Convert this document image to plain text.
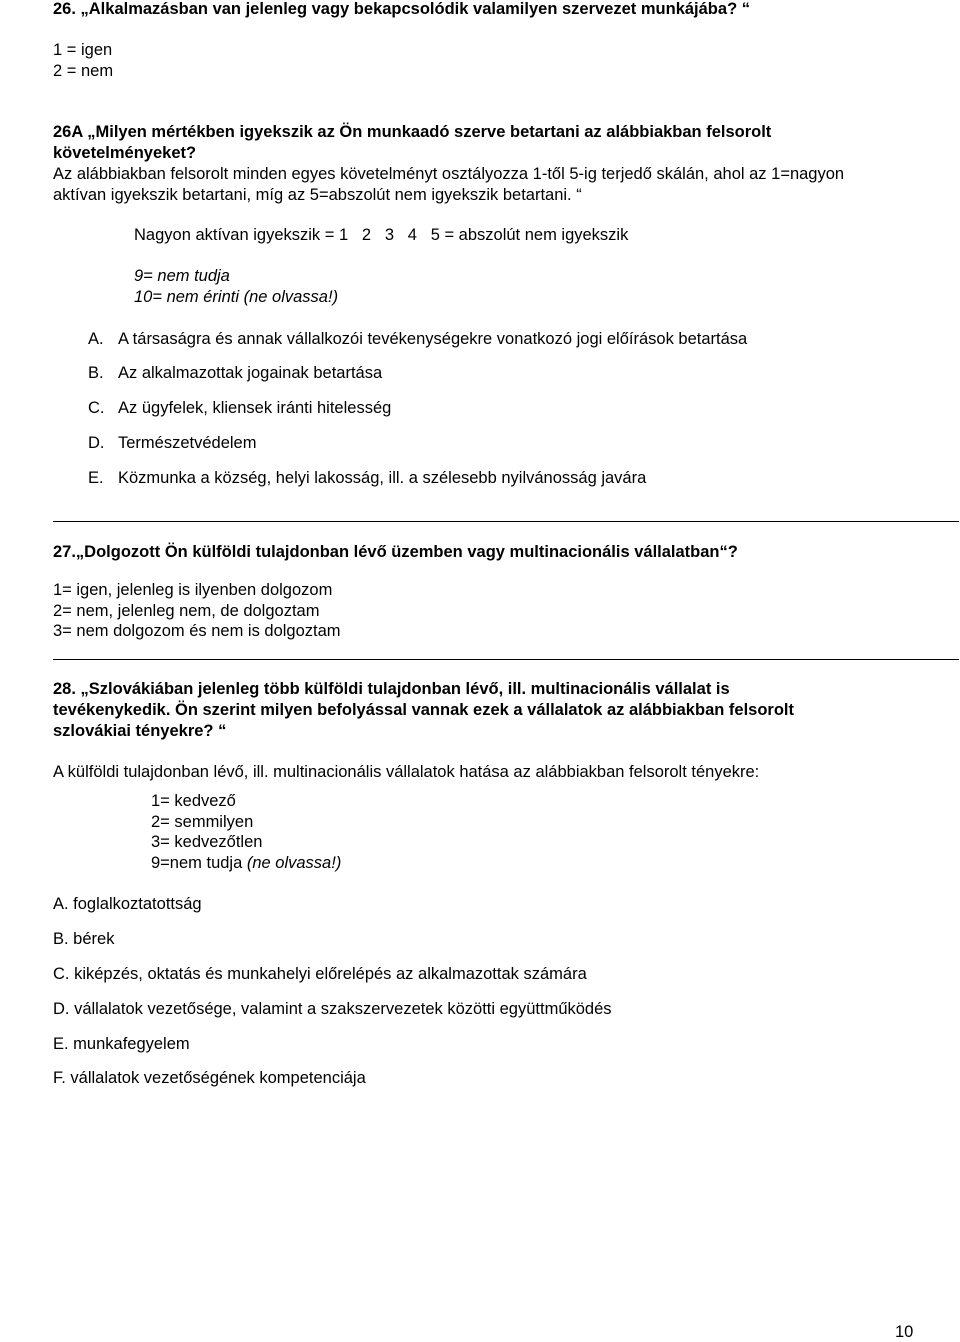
26. „Alkalmazásban van jelenleg vagy bekapcsolódik valamilyen szervezet munkájába? “
1 = igen
2 = nem
26A „Milyen mértékben igyekszik az Ön munkaadó szerve betartani az alábbiakban felsorolt
követelményeket?
Az alábbiakban felsorolt minden egyes követelményt osztályozza 1-től 5-ig terjedő skálán, ahol az 1=nagyon
aktívan igyekszik betartani, míg az 5=abszolút nem igyekszik betartani. “
Nagyon aktívan igyekszik = 1   2   3   4   5 = abszolút nem igyekszik
9= nem tudja
10= nem érinti (ne olvassa!)
A. A társaságra és annak vállalkozói tevékenységekre vonatkozó jogi előírások betartása
B. Az alkalmazottak jogainak betartása
C. Az ügyfelek, kliensek iránti hitelesség
D. Természetvédelem
E. Közmunka a község, helyi lakosság, ill. a szélesebb nyilvánosság javára
27.„Dolgozott Ön külföldi tulajdonban lévő üzemben vagy multinacionális vállalatban“?
1= igen, jelenleg is ilyenben dolgozom
2= nem, jelenleg nem, de dolgoztam
3= nem dolgozom és nem is dolgoztam
28. „Szlovákiában jelenleg több külföldi tulajdonban lévő, ill. multinacionális vállalat is
tevékenykedik. Ön szerint milyen befolyással vannak ezek a vállalatok az alábbiakban felsorolt
szlovákiai tényekre? “
A külföldi tulajdonban lévő, ill. multinacionális vállalatok hatása az alábbiakban felsorolt tényekre:
1= kedvező
2= semmilyen
3= kedvezőtlen
9=nem tudja (ne olvassa!)
A. foglalkoztatottság
B. bérek
C. kiképzés, oktatás és munkahelyi előrelépés az alkalmazottak számára
D. vállalatok vezetősége, valamint a szakszervezetek közötti együttműködés
E. munkafegyelem
F. vállalatok vezetőségének kompetenciája
10
